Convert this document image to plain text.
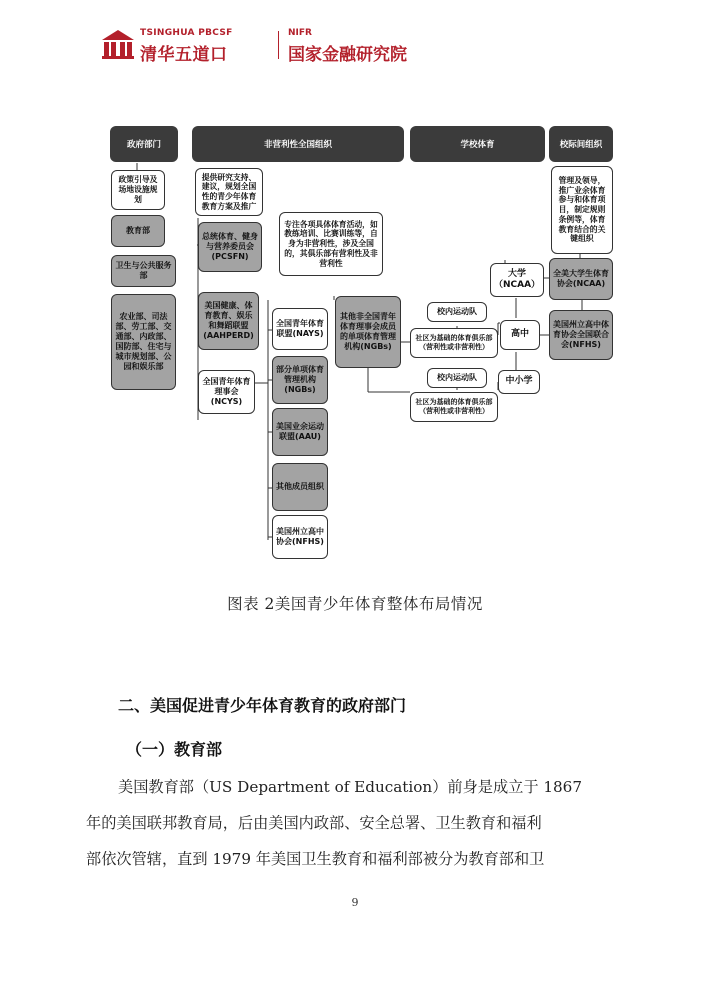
TSINGHUA PBCSF
清华五道口
NIFR
国家金融研究院
政府部门	非营利性全国组织	学校体育	校际间组织
政策引导及场地设施规划
教育部
卫生与公共服务部
农业部、司法部、劳工部、交通部、内政部、国防部、住宅与城市规划部、公园和娱乐部
提供研究支持、建议，规划全国性的青少年体育教育方案及推广
总统体育、健身与营养委员会(PCSFN)
美国健康、体育教育、娱乐和舞蹈联盟(AAHPERD)
全国青年体育理事会(NCYS)
专注各项具体体育活动，如教练培训、比赛训练等，自身为非营利性，涉及全国的，其俱乐部有营利性及非营利性
全国青年体育联盟(NAYS)
部分单项体育管理机构(NGBs)
美国业余运动联盟(AAU)
其他成员组织
美国州立高中协会(NFHS)
其他非全国青年体育理事会成员的单项体育管理机构(NGBs)
校内运动队
社区为基础的体育俱乐部（营利性或非营利性）
校内运动队
社区为基础的体育俱乐部（营利性或非营利性）
大学（NCAA）
高中
中小学
管理及领导，推广业余体育参与和体育项目，制定规则条例等，体育教育结合的关键组织
全美大学生体育协会(NCAA)
美国州立高中体育协会全国联合会(NFHS)
图表 2美国青少年体育整体布局情况
二、美国促进青少年体育教育的政府部门
（一）教育部
美国教育部（US Department of Education）前身是成立于 1867
年的美国联邦教育局，后由美国内政部、安全总署、卫生教育和福利
部依次管辖，直到 1979 年美国卫生教育和福利部被分为教育部和卫
9
